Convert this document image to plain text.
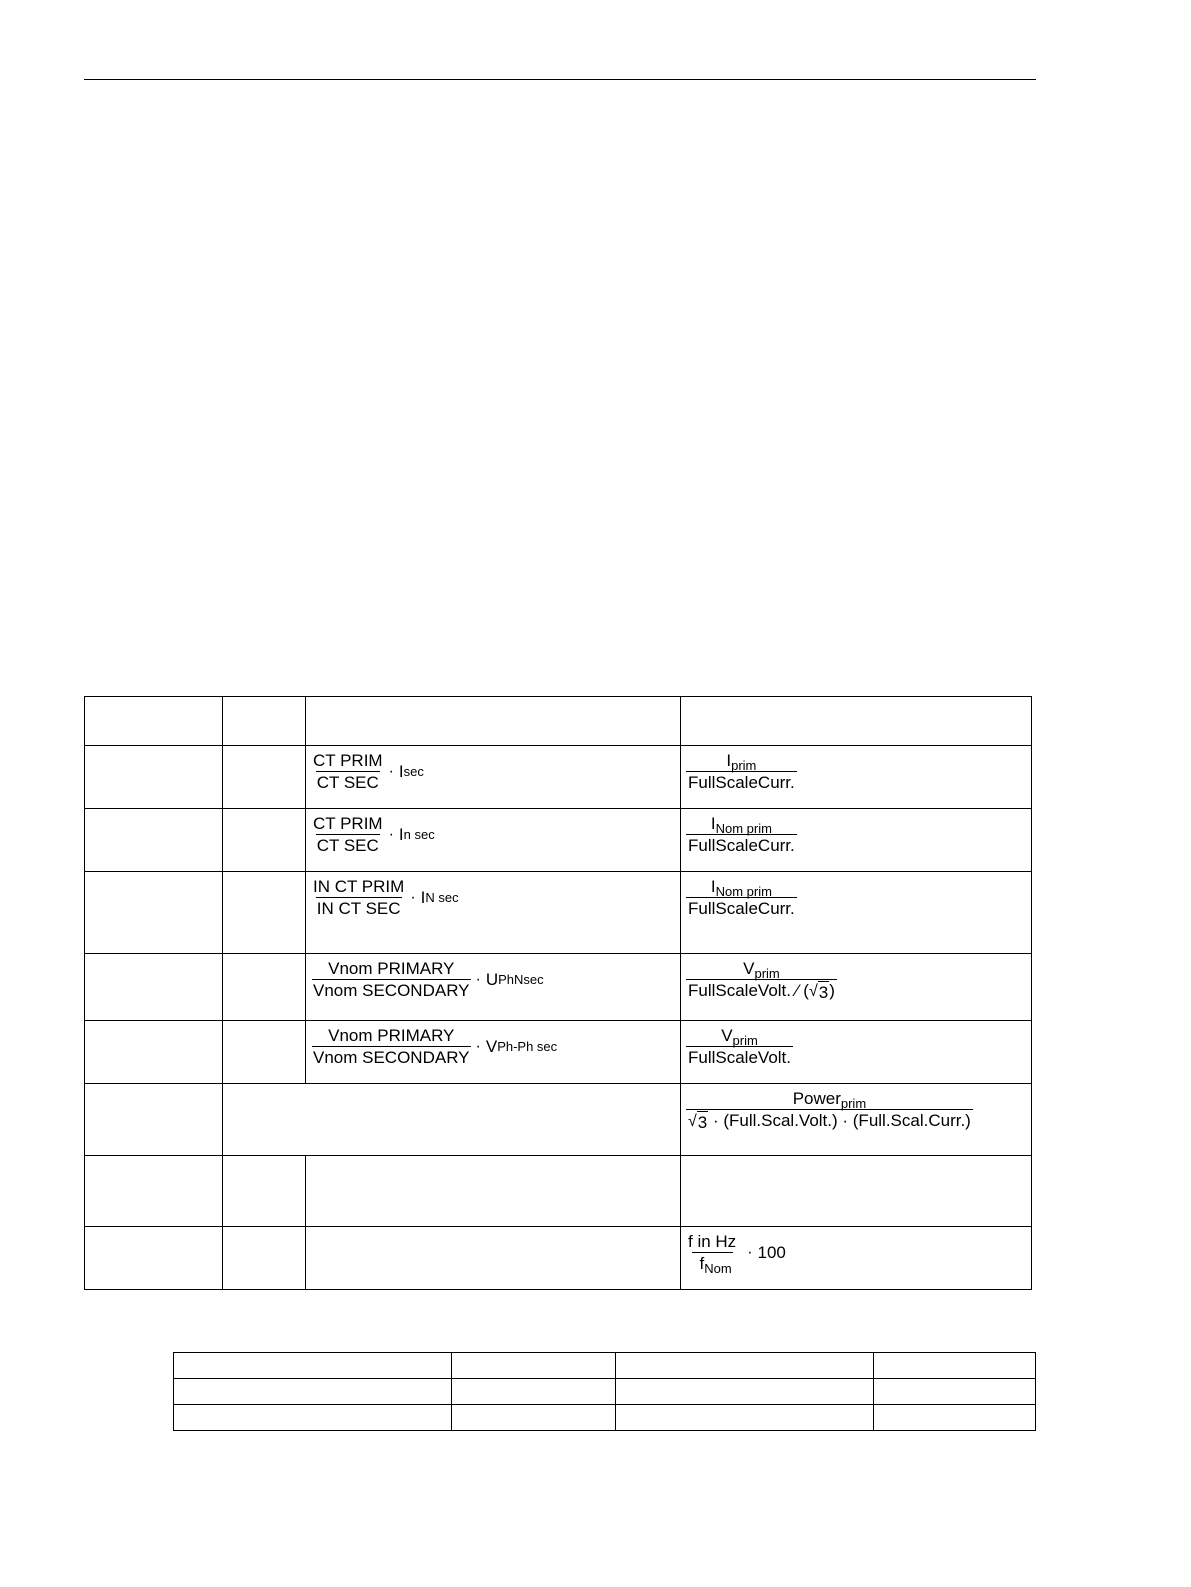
		$\frac{\text{CT PRIM}}{\text{CT SEC}} \cdot I$ sec	$\frac{I_{prim}}{\text{FullScaleCurr.}}$

		$\frac{\text{CT PRIM}}{\text{CT SEC}} \cdot I$ n sec	$\frac{I_{Nom prim}}{\text{FullScaleCurr.}}$

		$\frac{\text{IN CT PRIM}}{\text{IN CT SEC}} \cdot I$ N sec	$\frac{I_{Nom prim}}{\text{FullScaleCurr.}}$

		$\frac{\text{Vnom PRIMARY}}{\text{Vnom SECONDARY}} \cdot U$ PhNsec	$\frac{V_{prim}}{\text{FullScaleVolt. ⁄ ( √ 3 )}}$

		$\frac{\text{Vnom PRIMARY}}{\text{Vnom SECONDARY}} \cdot V$ Ph-Ph sec	$\frac{V_{prim}}{\text{FullScaleVolt.}}$

			$\frac{Power_{prim}}{\text{√ 3 · (Full.Scal.Volt.) · (Full.Scal.Curr.)}}$

			$\frac{\text{f in Hz}}{f_{Nom}} \cdot 100$
